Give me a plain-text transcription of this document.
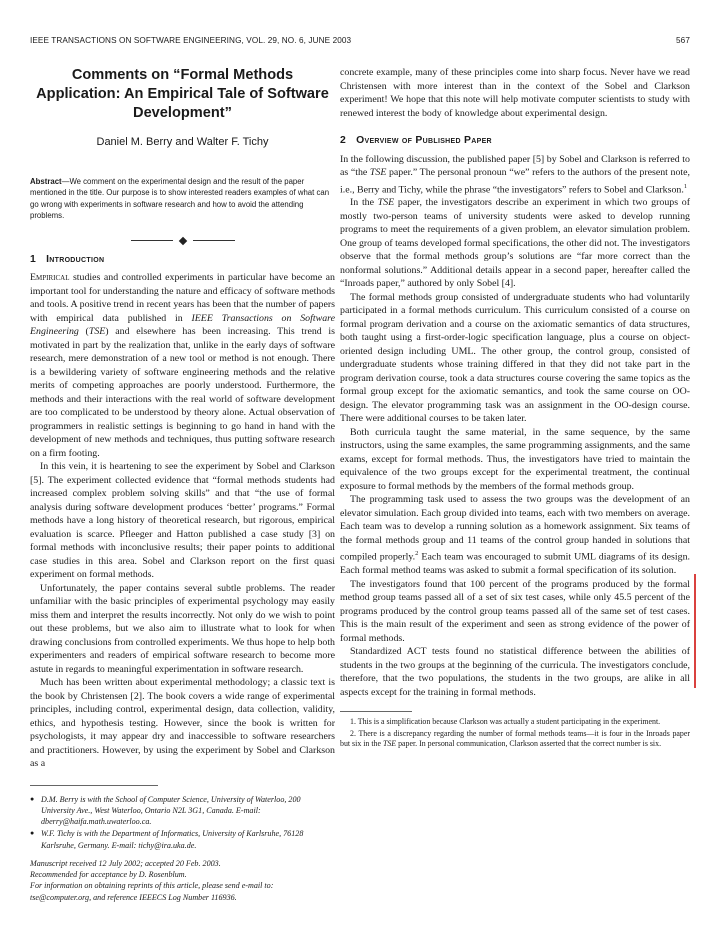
IEEE TRANSACTIONS ON SOFTWARE ENGINEERING, VOL. 29, NO. 6, JUNE 2003	567
Comments on “Formal Methods Application: An Empirical Tale of Software Development”
Daniel M. Berry and Walter F. Tichy
Abstract—We comment on the experimental design and the result of the paper mentioned in the title. Our purpose is to show interested readers examples of what can go wrong with experiments in software research and how to avoid the attending problems.
1 Introduction

Empirical studies and controlled experiments in particular have become an important tool for understanding the nature and efficacy of software methods and tools. A positive trend in recent years has been that the number of papers with empirical data published in IEEE Transactions on Software Engineering (TSE) and elsewhere has been increasing. This trend is motivated in part by the realization that, unlike in the early days of software research, mere demonstration of a new tool or method is not enough. There is a bewildering variety of software engineering methods and the relative merits of competing approaches are poorly understood. Furthermore, the methods and their interactions with the real world of software development are too complicated to be understood by theory alone. Actual observation of programmers in realistic settings is beginning to go hand in hand with the development of new methods and techniques, thus putting software research on a firm footing.

In this vein, it is heartening to see the experiment by Sobel and Clarkson [5]. The experiment collected evidence that “formal methods students had increased complex problem solving skills” and that “the use of formal analysis during software development produces ‘better’ programs.” Formal methods have a long history of theoretical research, but rigorous, empirical evaluation is scarce. Pfleeger and Hatton published a case study [3] on formal methods with inconclusive results; their paper points to additional case studies in this area. Sobel and Clarkson report on the first quasi experiment on formal methods.

Unfortunately, the paper contains several subtle problems. The reader unfamiliar with the basic principles of experimental psychology may easily miss them and interpret the results incorrectly. Not only do we wish to point out these problems, but we also aim to illustrate what to look for when drawing conclusions from controlled experiments. We thus hope to help both experimenters and readers of empirical software research to become more astute in regards to meaningful experimentation in software research.

Much has been written about experimental methodology; a classic text is the book by Christensen [2]. The book covers a wide range of experimental principles, including control, experimental design, data collection, validity, ethics, and hypothesis testing. However, since the book is written for psychologists, it may appear dry and inaccessible to software researchers and practitioners. However, by using the experiment by Sobel and Clarkson as a

● D.M. Berry is with the School of Computer Science, University of Waterloo, 200 University Ave., West Waterloo, Ontario N2L 3G1, Canada. E-mail: dberry@haifa.math.uwaterloo.ca.
● W.F. Tichy is with the Department of Informatics, University of Karlsruhe, 76128 Karlsruhe, Germany. E-mail: tichy@ira.uka.de.
Manuscript received 12 July 2002; accepted 20 Feb. 2003.
Recommended for acceptance by D. Rosenblum.
For information on obtaining reprints of this article, please send e-mail to: tse@computer.org, and reference IEEECS Log Number 116936.

concrete example, many of these principles come into sharp focus. Never have we read Christensen with more interest than in the context of the Sobel and Clarkson experiment! We hope that this note will help motivate computer scientists to study with renewed interest the body of knowledge about experimental design.

2 Overview of Published Paper

In the following discussion, the published paper [5] by Sobel and Clarkson is referred to as “the TSE paper.” The personal pronoun “we” refers to the authors of the present note, i.e., Berry and Tichy, while the phrase “the investigators” refers to Sobel and Clarkson.$^1$

In the TSE paper, the investigators describe an experiment in which two groups of mostly two-person teams of university students were asked to develop running programs to meet the requirements of a given problem, an elevator simulation problem. One group of teams developed formal specifications, the other did not. The investigators observe that the formal methods group’s solutions are “far more correct than the nonformal solutions.” Additional details appear in a second paper, hereafter called the “Inroads paper,” authored by only Sobel [4].

The formal methods group consisted of undergraduate students who had voluntarily participated in a formal methods curriculum. This curriculum consisted of a course on formal program derivation and a course on the axiomatic semantics of data structures, both taught using a first-order-logic specification language, plus a course on object-oriented design including UML. The other group, the control group, consisted of undergraduate students whose training differed in that they did not take part in the program derivation course, took a data structures course covering the same topics as the formal group except for the axiomatic semantics, and took the same course on OO-design. The elevator programming task was an assignment in the OO-design course. There were additional courses to be taken later.

Both curricula taught the same material, in the same sequence, by the same instructors, using the same examples, the same programming assignments, and the same exams, except for formal methods. Thus, the investigators have tried to maintain the equivalence of the two groups except for the experimental treatment, the continual exposure to formal methods by the members of the formal methods group.

The programming task used to assess the two groups was the development of an elevator simulation. Each group divided into teams, each with two members on average. Each team was to develop a running solution as a homework assignment. Six teams of the formal methods group and 11 teams of the control group handed in solutions that compiled properly.$^2$ Each team was encouraged to submit UML diagrams of its design. Each formal method teams was asked to submit a formal specification of its solution.

The investigators found that 100 percent of the programs produced by the formal method group teams passed all of a set of six test cases, while only 45.5 percent of the programs produced by the control group teams passed all of the same set of test cases. This is the main result of the experiment and seen as strong evidence of the power of formal methods.

Standardized ACT tests found no statistical difference between the abilities of students in the two groups at the beginning of the curricula. The investigators conclude, therefore, that the two populations, the students in the two groups, are alike in all aspects except for the training in formal methods.

1. This is a simplification because Clarkson was actually a student participating in the experiment.
2. There is a discrepancy regarding the number of formal methods teams—it is four in the Inroads paper but six in the TSE paper. In personal communication, Clarkson asserted that the correct number is six.
